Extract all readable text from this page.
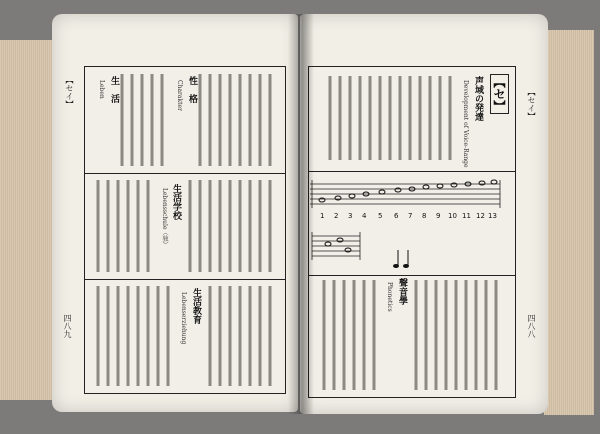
【セイ】
四八九
性　格
Charakter
生　活
Leben
生活学校
Lebensschule（独）
生活教育
Lebenserziehung
【セ】	【セイ】
四八八
声域の発達
Development of Voice-Range
聲音學
Phonetics
1 2 3 4 5 6 7 8 9 10 11 12 13
